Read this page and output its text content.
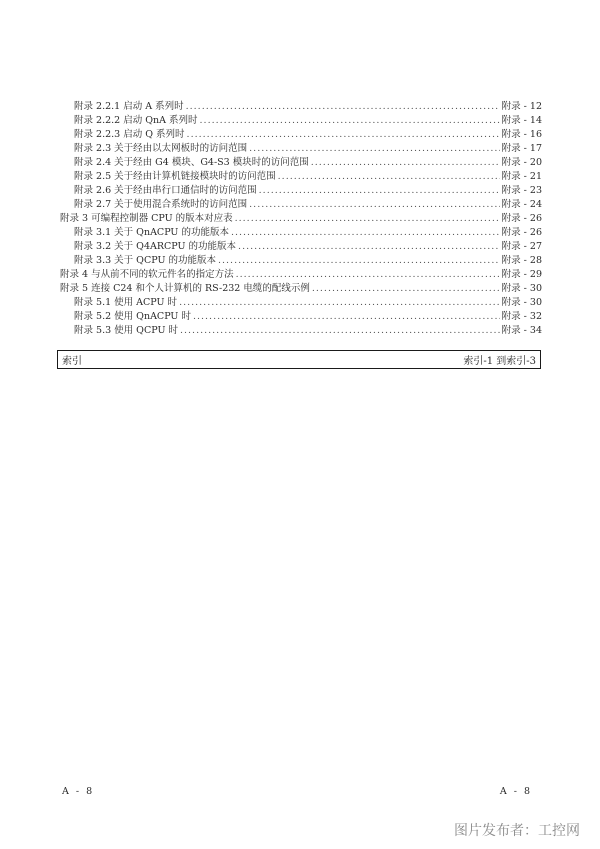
附录 2.2.1 启动 A 系列时 .....	附录 - 12
附录 2.2.2 启动 QnA 系列时 .....	附录 - 14
附录 2.2.3 启动 Q 系列时 .....	附录 - 16
附录 2.3 关于经由以太网板时的访问范围 .....	附录 - 17
附录 2.4 关于经由 G4 模块、G4-S3 模块时的访问范围 .....	附录 - 20
附录 2.5 关于经由计算机链接模块时的访问范围 .....	附录 - 21
附录 2.6 关于经由串行口通信时的访问范围 .....	附录 - 23
附录 2.7 关于使用混合系统时的访问范围 .....	附录 - 24
附录 3 可编程控制器 CPU 的版本对应表 .....	附录 - 26
附录 3.1 关于 QnACPU 的功能版本 .....	附录 - 26
附录 3.2 关于 Q4ARCPU 的功能版本 .....	附录 - 27
附录 3.3 关于 QCPU 的功能版本 .....	附录 - 28
附录 4 与从前不同的软元件名的指定方法 .....	附录 - 29
附录 5 连接 C24 和个人计算机的 RS-232 电缆的配线示例 .....	附录 - 30
附录 5.1 使用 ACPU 时 .....	附录 - 30
附录 5.2 使用 QnACPU 时 .....	附录 - 32
附录 5.3 使用 QCPU 时 .....	附录 - 34
索引	索引-1 到索引-3
A - 8	A - 8
图片发布者：工控网
